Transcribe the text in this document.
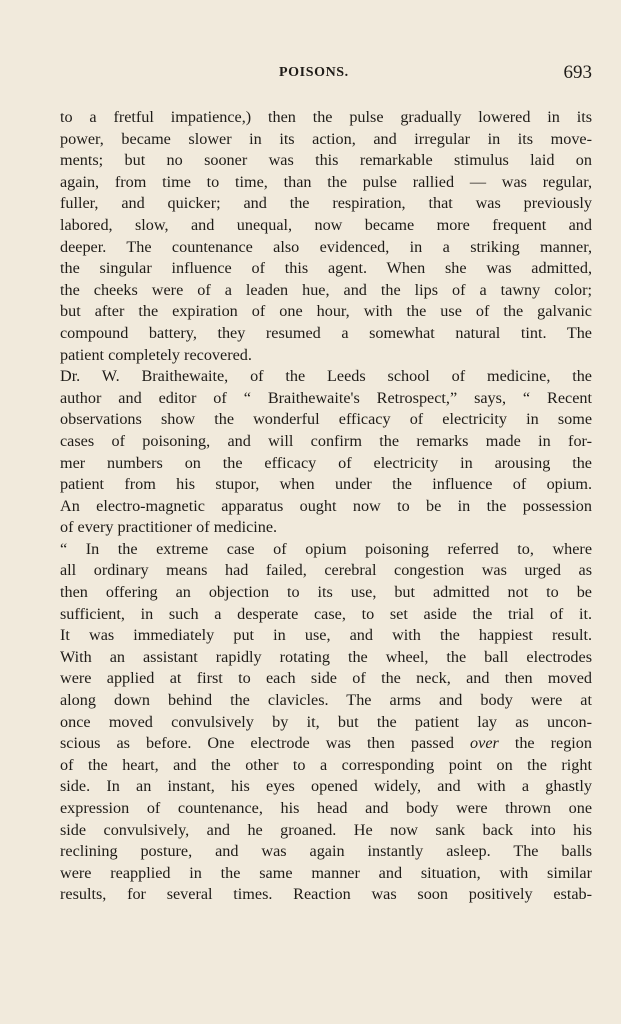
POISONS.	693
to a fretful impatience,) then the pulse gradually lowered in its
power, became slower in its action, and irregular in its move-
ments; but no sooner was this remarkable stimulus laid on
again, from time to time, than the pulse rallied — was regular,
fuller, and quicker; and the respiration, that was previously
labored, slow, and unequal, now became more frequent and
deeper. The countenance also evidenced, in a striking manner,
the singular influence of this agent. When she was admitted,
the cheeks were of a leaden hue, and the lips of a tawny color;
but after the expiration of one hour, with the use of the galvanic
compound battery, they resumed a somewhat natural tint. The
patient completely recovered.
Dr. W. Braithewaite, of the Leeds school of medicine, the
author and editor of “ Braithewaite's Retrospect,” says, “ Recent
observations show the wonderful efficacy of electricity in some
cases of poisoning, and will confirm the remarks made in for-
mer numbers on the efficacy of electricity in arousing the
patient from his stupor, when under the influence of opium.
An electro-magnetic apparatus ought now to be in the possession
of every practitioner of medicine.
“ In the extreme case of opium poisoning referred to, where
all ordinary means had failed, cerebral congestion was urged as
then offering an objection to its use, but admitted not to be
sufficient, in such a desperate case, to set aside the trial of it.
It was immediately put in use, and with the happiest result.
With an assistant rapidly rotating the wheel, the ball electrodes
were applied at first to each side of the neck, and then moved
along down behind the clavicles. The arms and body were at
once moved convulsively by it, but the patient lay as uncon-
scious as before. One electrode was then passed over the region
of the heart, and the other to a corresponding point on the right
side. In an instant, his eyes opened widely, and with a ghastly
expression of countenance, his head and body were thrown one
side convulsively, and he groaned. He now sank back into his
reclining posture, and was again instantly asleep. The balls
were reapplied in the same manner and situation, with similar
results, for several times. Reaction was soon positively estab-
